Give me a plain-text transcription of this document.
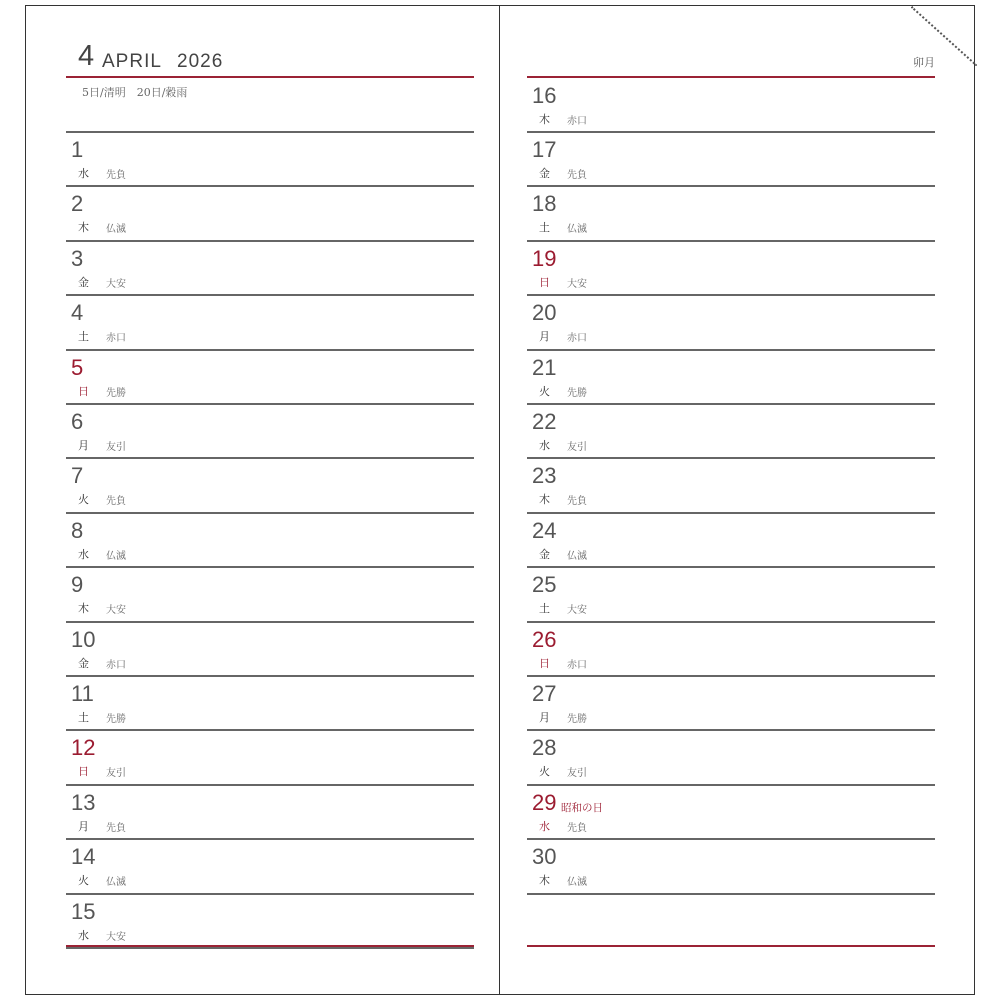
4 APRIL 2026
5日/清明　20日/穀雨
1
水 先負
2
木 仏滅
3
金 大安
4
土 赤口
5
日 先勝
6
月 友引
7
火 先負
8
水 仏滅
9
木 大安
10
金 赤口
11
土 先勝
12
日 友引
13
月 先負
14
火 仏滅
15
水 大安
卯月
16
木 赤口
17
金 先負
18
土 仏滅
19
日 大安
20
月 赤口
21
火 先勝
22
水 友引
23
木 先負
24
金 仏滅
25
土 大安
26
日 赤口
27
月 先勝
28
火 友引
29 昭和の日
水 先負
30
木 仏滅
